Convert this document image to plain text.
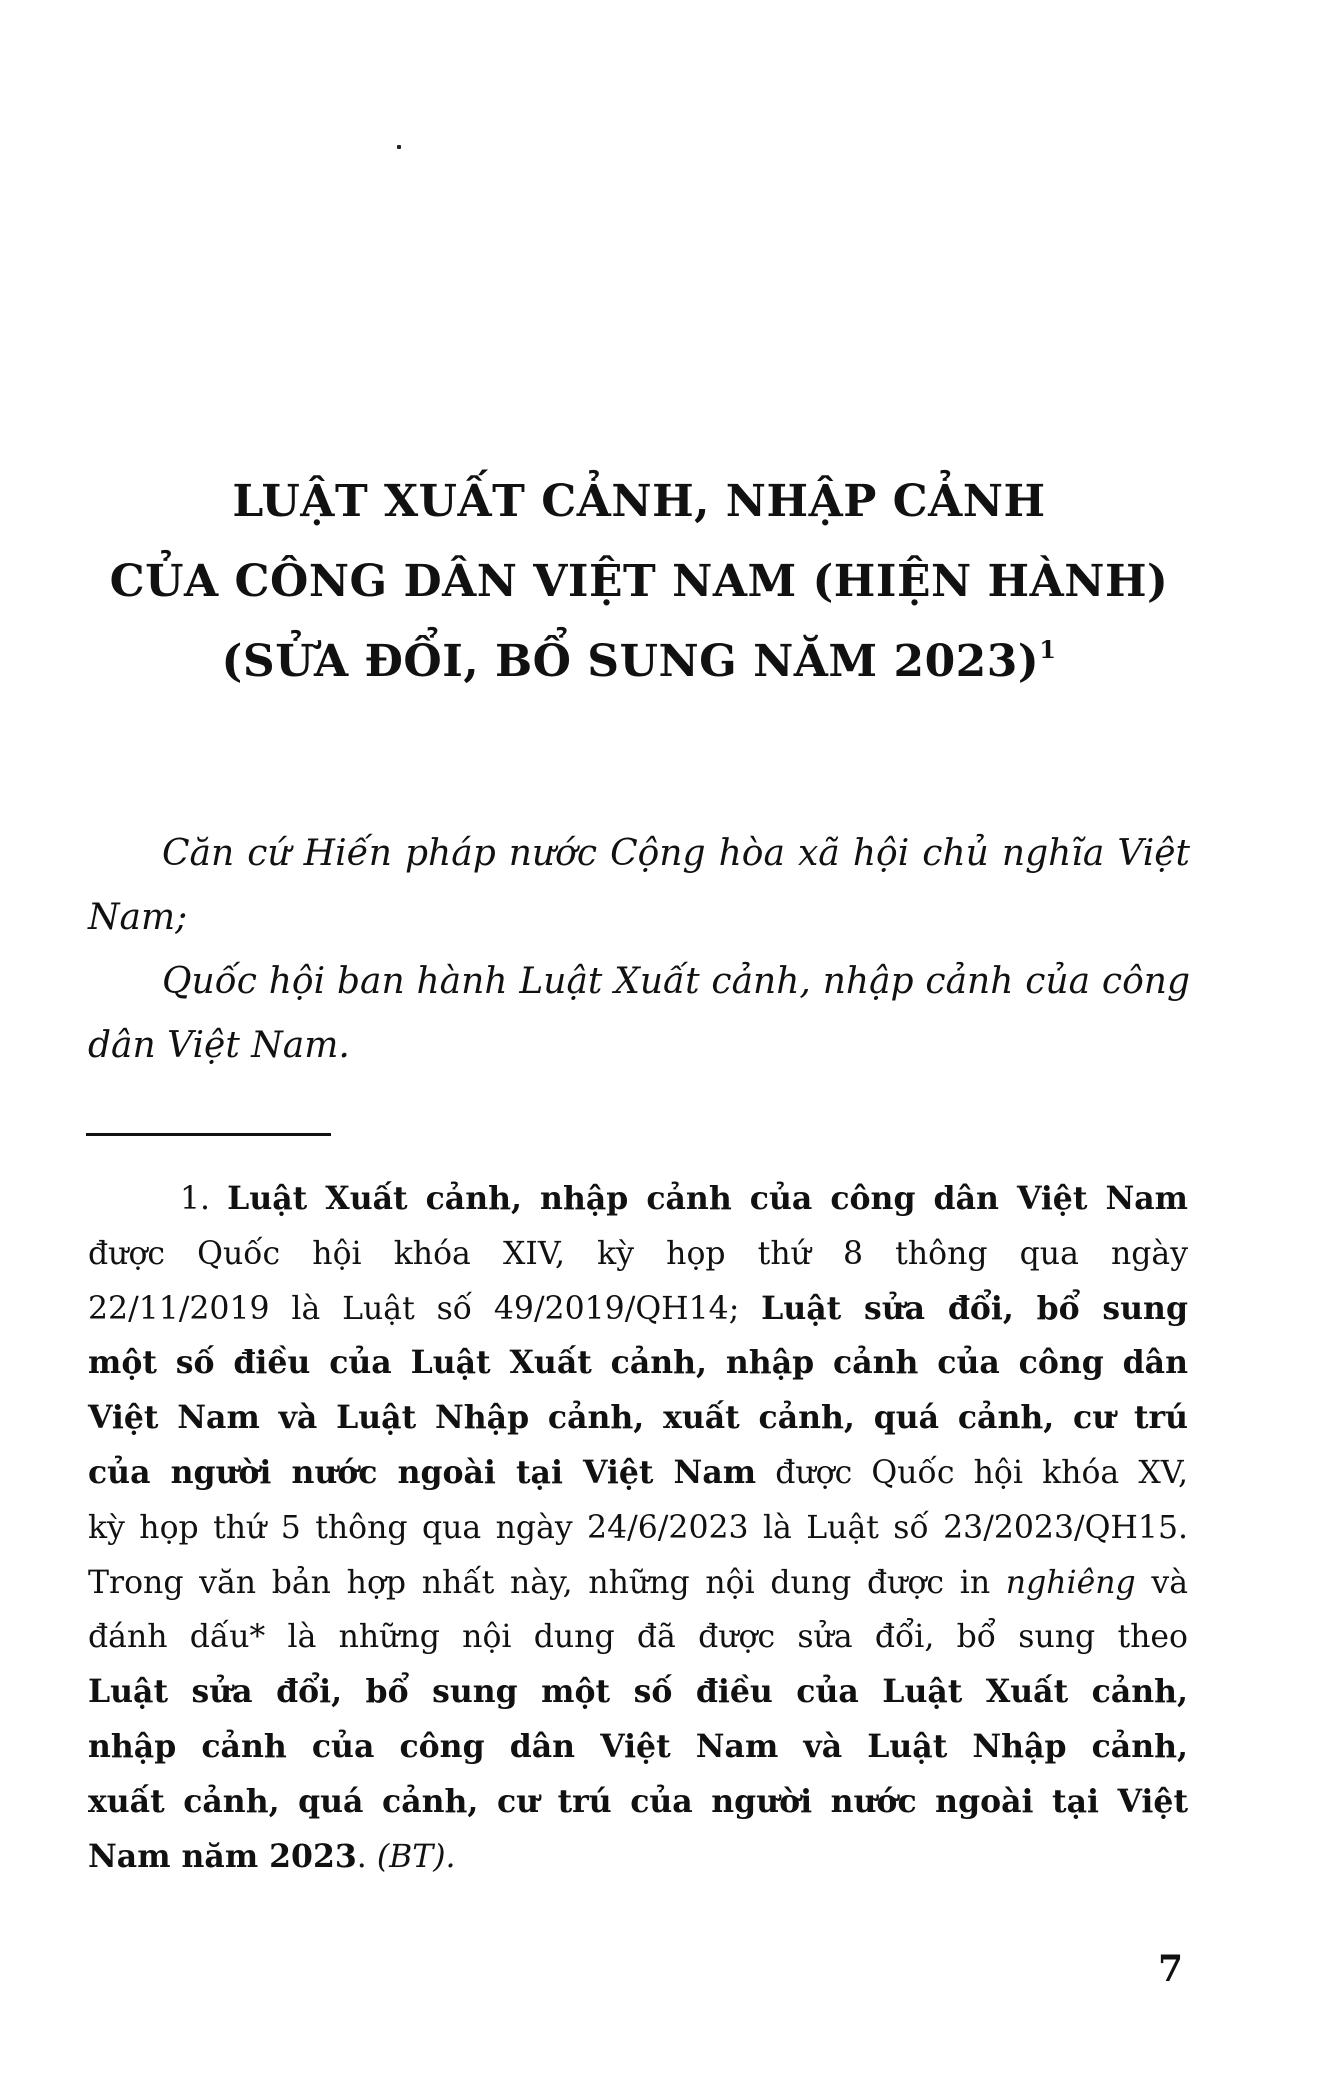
LUẬT XUẤT CẢNH, NHẬP CẢNH
CỦA CÔNG DÂN VIỆT NAM (HIỆN HÀNH)
(SỬA ĐỔI, BỔ SUNG NĂM 2023)$^1$

Căn cứ Hiến pháp nước Cộng hòa xã hội chủ nghĩa Việt Nam;

Quốc hội ban hành Luật Xuất cảnh, nhập cảnh của công dân Việt Nam.

1. Luật Xuất cảnh, nhập cảnh của công dân Việt Nam
được Quốc hội khóa XIV, kỳ họp thứ 8 thông qua ngày
22/11/2019 là Luật số 49/2019/QH14; Luật sửa đổi, bổ sung
một số điều của Luật Xuất cảnh, nhập cảnh của công dân
Việt Nam và Luật Nhập cảnh, xuất cảnh, quá cảnh, cư trú
của người nước ngoài tại Việt Nam được Quốc hội khóa XV,
kỳ họp thứ 5 thông qua ngày 24/6/2023 là Luật số 23/2023/QH15.
Trong văn bản hợp nhất này, những nội dung được in nghiêng và
đánh dấu* là những nội dung đã được sửa đổi, bổ sung theo
Luật sửa đổi, bổ sung một số điều của Luật Xuất cảnh,
nhập cảnh của công dân Việt Nam và Luật Nhập cảnh,
xuất cảnh, quá cảnh, cư trú của người nước ngoài tại Việt
Nam năm 2023. (BT).
7
